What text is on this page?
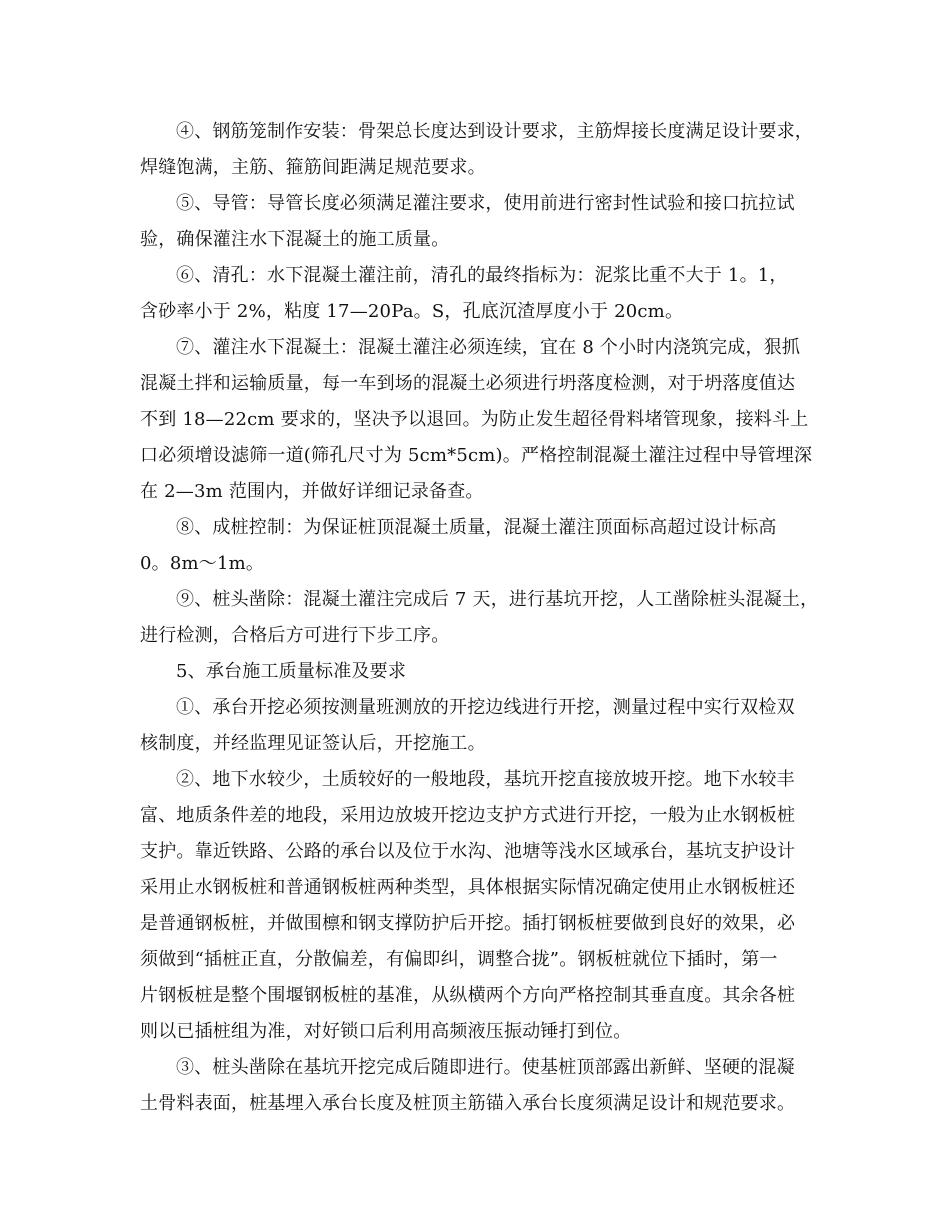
④、钢筋笼制作安装：骨架总长度达到设计要求，主筋焊接长度满足设计要求，
焊缝饱满，主筋、箍筋间距满足规范要求。
⑤、导管：导管长度必须满足灌注要求，使用前进行密封性试验和接口抗拉试
验，确保灌注水下混凝土的施工质量。
⑥、清孔：水下混凝土灌注前，清孔的最终指标为：泥浆比重不大于 1。1，
含砂率小于 2%，粘度 17—20Pa。S，孔底沉渣厚度小于 20cm。
⑦、灌注水下混凝土：混凝土灌注必须连续，宜在 8 个小时内浇筑完成，狠抓
混凝土拌和运输质量，每一车到场的混凝土必须进行坍落度检测，对于坍落度值达
不到 18—22cm 要求的，坚决予以退回。为防止发生超径骨料堵管现象，接料斗上
口必须增设滤筛一道(筛孔尺寸为 5cm*5cm)。严格控制混凝土灌注过程中导管埋深
在 2—3m 范围内，并做好详细记录备查。
⑧、成桩控制：为保证桩顶混凝土质量，混凝土灌注顶面标高超过设计标高
0。8m～1m。
⑨、桩头凿除：混凝土灌注完成后 7 天，进行基坑开挖，人工凿除桩头混凝土，
进行检测，合格后方可进行下步工序。
5、承台施工质量标准及要求
①、承台开挖必须按测量班测放的开挖边线进行开挖，测量过程中实行双检双
核制度，并经监理见证签认后，开挖施工。
②、地下水较少，土质较好的一般地段，基坑开挖直接放坡开挖。地下水较丰
富、地质条件差的地段，采用边放坡开挖边支护方式进行开挖，一般为止水钢板桩
支护。靠近铁路、公路的承台以及位于水沟、池塘等浅水区域承台，基坑支护设计
采用止水钢板桩和普通钢板桩两种类型，具体根据实际情况确定使用止水钢板桩还
是普通钢板桩，并做围檩和钢支撑防护后开挖。插打钢板桩要做到良好的效果，必
须做到“插桩正直，分散偏差，有偏即纠，调整合拢”。钢板桩就位下插时，第一
片钢板桩是整个围堰钢板桩的基准，从纵横两个方向严格控制其垂直度。其余各桩
则以已插桩组为准，对好锁口后利用高频液压振动锤打到位。
③、桩头凿除在基坑开挖完成后随即进行。使基桩顶部露出新鲜、坚硬的混凝
土骨料表面，桩基埋入承台长度及桩顶主筋锚入承台长度须满足设计和规范要求。
